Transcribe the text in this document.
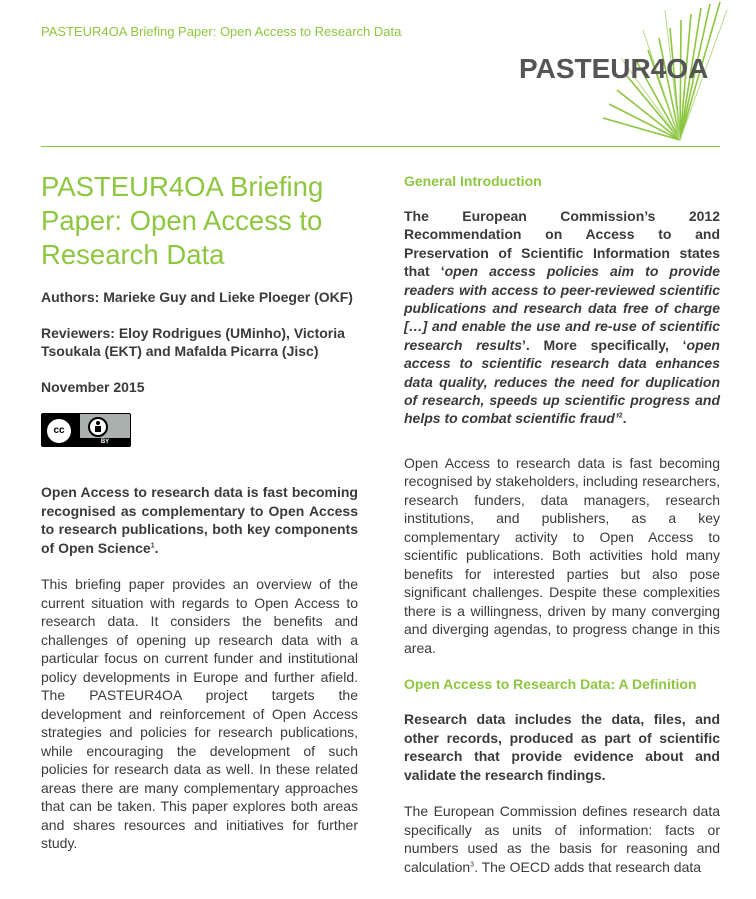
PASTEUR4OA Briefing Paper: Open Access to Research Data
PASTEUR4OA
PASTEUR4OA Briefing Paper: Open Access to Research Data

Authors: Marieke Guy and Lieke Ploeger (OKF)

Reviewers: Eloy Rodrigues (UMinho), Victoria Tsoukala (EKT) and Mafalda Picarra (Jisc)

November 2015

cc
BY

Open Access to research data is fast becoming recognised as complementary to Open Access to research publications, both key components of Open Science$^1$.

This briefing paper provides an overview of the current situation with regards to Open Access to research data. It considers the benefits and challenges of opening up research data with a particular focus on current funder and institutional policy developments in Europe and further afield. The PASTEUR4OA project targets the development and reinforcement of Open Access strategies and policies for research publications, while encouraging the development of such policies for research data as well. In these related areas there are many complementary approaches that can be taken. This paper explores both areas and shares resources and initiatives for further study.

General Introduction

The European Commission’s 2012 Recommendation on Access to and Preservation of Scientific Information states that ‘open access policies aim to provide readers with access to peer-reviewed scientific publications and research data free of charge […] and enable the use and re-use of scientific research results’. More specifically, ‘open access to scientific research data enhances data quality, reduces the need for duplication of research, speeds up scientific progress and helps to combat scientific fraud’$^2$.

Open Access to research data is fast becoming recognised by stakeholders, including researchers, research funders, data managers, research institutions, and publishers, as a key complementary activity to Open Access to scientific publications. Both activities hold many benefits for interested parties but also pose significant challenges. Despite these complexities there is a willingness, driven by many converging and diverging agendas, to progress change in this area.

Open Access to Research Data: A Definition

Research data includes the data, files, and other records, produced as part of scientific research that provide evidence about and validate the research findings.

The European Commission defines research data specifically as units of information: facts or numbers used as the basis for reasoning and calculation$^3$. The OECD adds that research data
